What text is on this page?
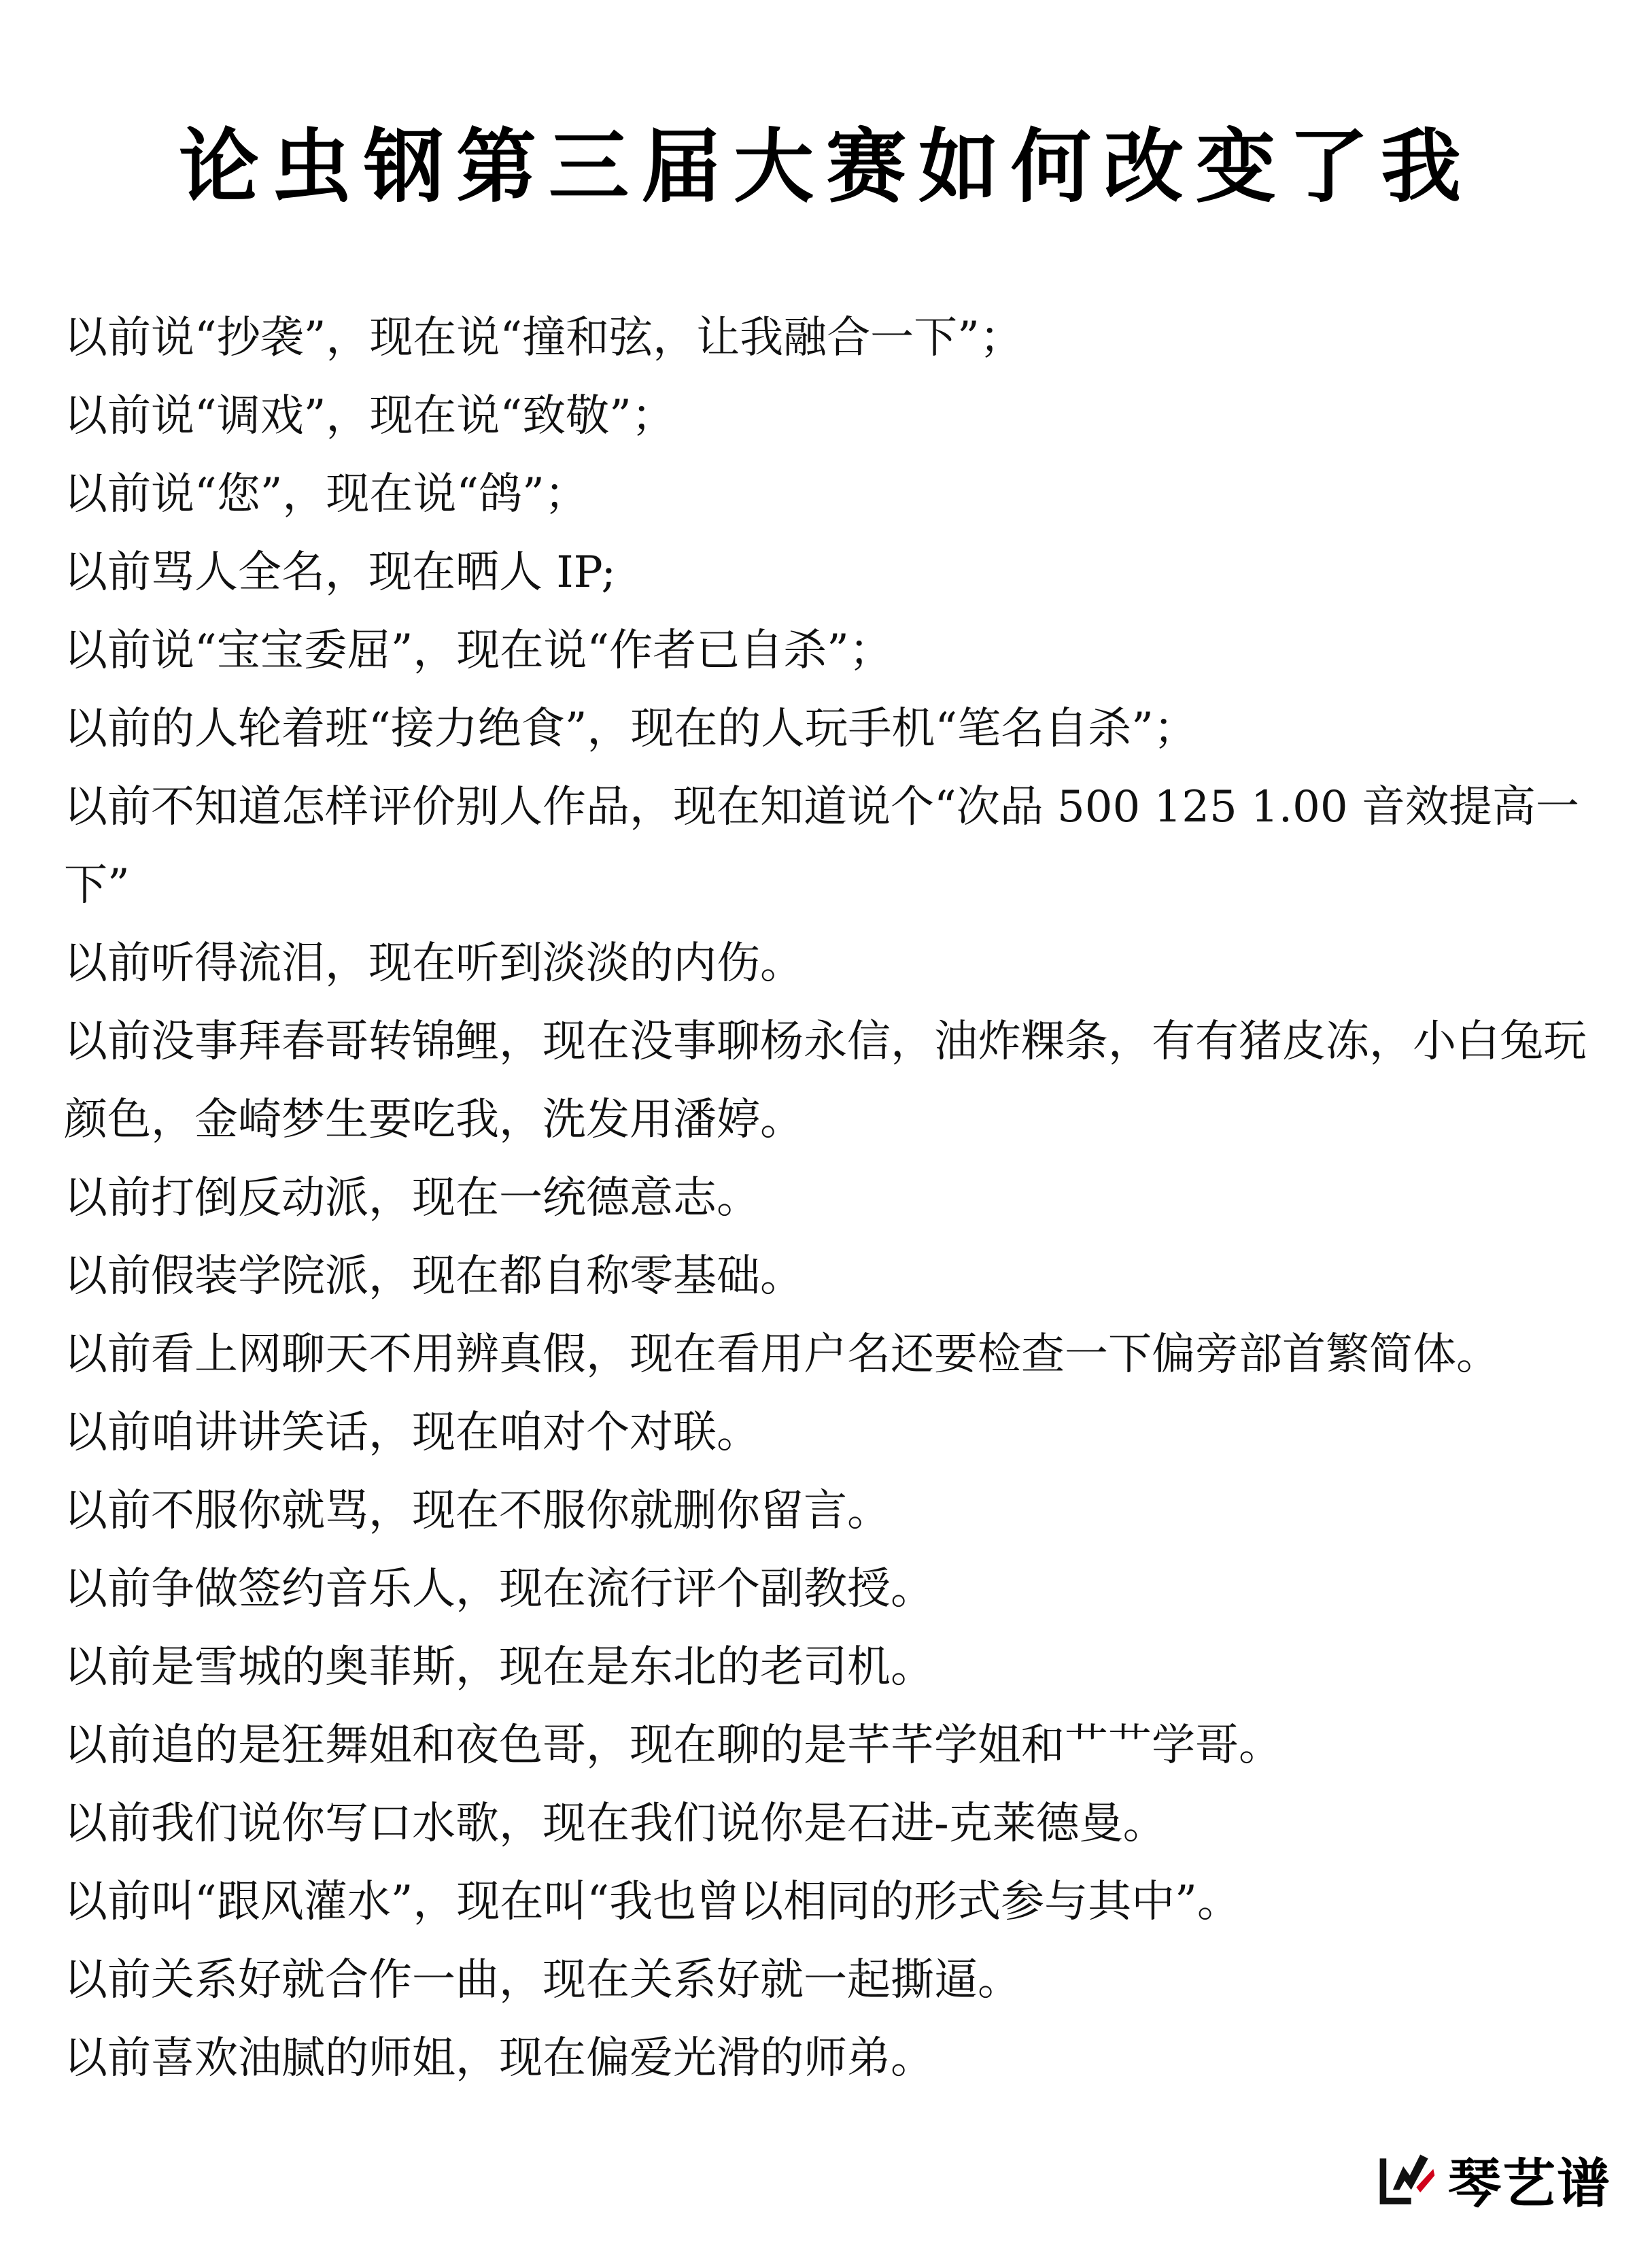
论虫钢第三届大赛如何改变了我
以前说“抄袭”，现在说“撞和弦，让我融合一下”；
以前说“调戏”，现在说“致敬”；
以前说“您”，现在说“鸽”；
以前骂人全名，现在晒人 IP;
以前说“宝宝委屈”，现在说“作者已自杀”；
以前的人轮着班“接力绝食”，现在的人玩手机“笔名自杀”；
以前不知道怎样评价别人作品，现在知道说个“次品 500 125 1.00 音效提高一下”
以前听得流泪，现在听到淡淡的内伤。
以前没事拜春哥转锦鲤，现在没事聊杨永信，油炸粿条，有有猪皮冻，小白兔玩颜色，金崎梦生要吃我，洗发用潘婷。
以前打倒反动派，现在一统德意志。
以前假装学院派，现在都自称零基础。
以前看上网聊天不用辨真假，现在看用户名还要检查一下偏旁部首繁简体。
以前咱讲讲笑话，现在咱对个对联。
以前不服你就骂，现在不服你就删你留言。
以前争做签约音乐人，现在流行评个副教授。
以前是雪城的奥菲斯，现在是东北的老司机。
以前追的是狂舞姐和夜色哥，现在聊的是芊芊学姐和艹艹学哥。
以前我们说你写口水歌，现在我们说你是石进-克莱德曼。
以前叫“跟风灌水”，现在叫“我也曾以相同的形式参与其中”。
以前关系好就合作一曲，现在关系好就一起撕逼。
以前喜欢油腻的师姐，现在偏爱光滑的师弟。
琴艺谱
